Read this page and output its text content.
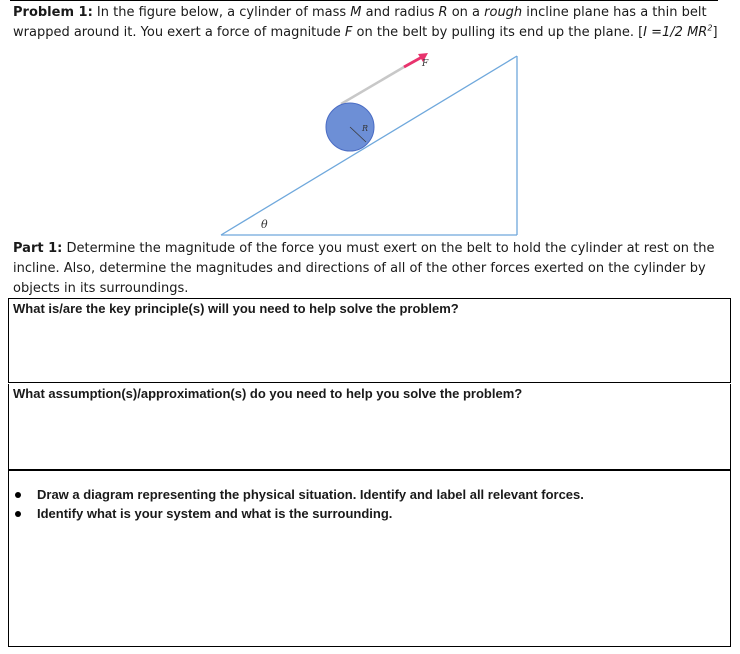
Problem 1: In the figure below, a cylinder of mass M and radius R on a rough incline plane has a thin belt wrapped around it. You exert a force of magnitude F on the belt by pulling its end up the plane. [I =1/2 $MR^2$]
F
R
θ
Part 1: Determine the magnitude of the force you must exert on the belt to hold the cylinder at rest on the incline. Also, determine the magnitudes and directions of all of the other forces exerted on the cylinder by objects in its surroundings.
What is/are the key principle(s) will you need to help solve the problem?
What assumption(s)/approximation(s) do you need to help you solve the problem?
Draw a diagram representing the physical situation. Identify and label all relevant forces.
Identify what is your system and what is the surrounding.
